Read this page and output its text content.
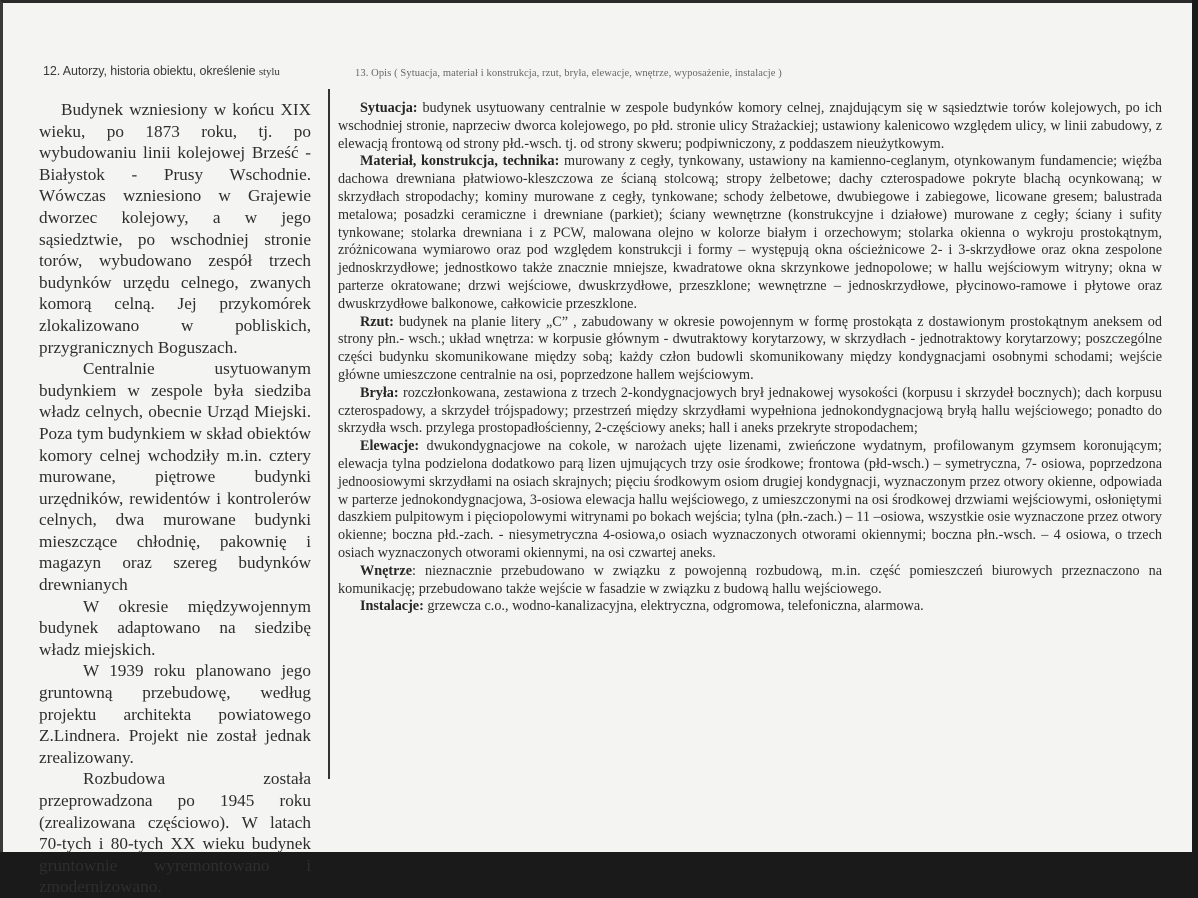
12. Autorzy, historia obiektu, określenie stylu	13. Opis ( Sytuacja, materiał i konstrukcja, rzut, bryła, elewacje, wnętrze, wyposażenie, instalacje )

Budynek wzniesiony w końcu XIX wieku, po 1873 roku, tj. po wybudowaniu linii kolejowej Brześć - Białystok - Prusy Wschodnie. Wówczas wzniesiono w Grajewie dworzec kolejowy, a w jego sąsiedztwie, po wschodniej stronie torów, wybudowano zespół trzech budynków urzędu celnego, zwanych komorą celną. Jej przykomórek zlokalizowano w pobliskich, przygranicznych Boguszach.

Centralnie usytuowanym budynkiem w zespole była siedziba władz celnych, obecnie Urząd Miejski. Poza tym budynkiem w skład obiektów komory celnej wchodziły m.in. cztery murowane, piętrowe budynki urzędników, rewidentów i kontrolerów celnych, dwa murowane budynki mieszczące chłodnię, pakownię i magazyn oraz szereg budynków drewnianych

W okresie międzywojennym budynek adaptowano na siedzibę władz miejskich.

W 1939 roku planowano jego gruntowną przebudowę, według projektu architekta powiatowego Z.Lindnera. Projekt nie został jednak zrealizowany.

Rozbudowa została przeprowadzona po 1945 roku (zrealizowana częściowo). W latach 70-tych i 80-tych XX wieku budynek gruntownie wyremontowano i zmodernizowano.

Sytuacja: budynek usytuowany centralnie w zespole budynków komory celnej, znajdującym się w sąsiedztwie torów kolejowych, po ich wschodniej stronie, naprzeciw dworca kolejowego, po płd. stronie ulicy Strażackiej; ustawiony kalenicowo względem ulicy, w linii zabudowy, z elewacją frontową od strony płd.-wsch. tj. od strony skweru; podpiwniczony, z poddaszem nieużytkowym.

Materiał, konstrukcja, technika: murowany z cegły, tynkowany, ustawiony na kamienno-ceglanym, otynkowanym fundamencie; więźba dachowa drewniana płatwiowo-kleszczowa ze ścianą stolcową; stropy żelbetowe; dachy czterospadowe pokryte blachą ocynkowaną; w skrzydłach stropodachy; kominy murowane z cegły, tynkowane; schody żelbetowe, dwubiegowe i zabiegowe, licowane gresem; balustrada metalowa; posadzki ceramiczne i drewniane (parkiet); ściany wewnętrzne (konstrukcyjne i działowe) murowane z cegły; ściany i sufity tynkowane; stolarka drewniana i z PCW, malowana olejno w kolorze białym i orzechowym; stolarka okienna o wykroju prostokątnym, zróżnicowana wymiarowo oraz pod względem konstrukcji i formy – występują okna ościeżnicowe 2- i 3-skrzydłowe oraz okna zespolone jednoskrzydłowe; jednostkowo także znacznie mniejsze, kwadratowe okna skrzynkowe jednopolowe; w hallu wejściowym witryny; okna w parterze okratowane; drzwi wejściowe, dwuskrzydłowe, przeszklone; wewnętrzne – jednoskrzydłowe, płycinowo-ramowe i płytowe oraz dwuskrzydłowe balkonowe, całkowicie przeszklone.

Rzut: budynek na planie litery „C” , zabudowany w okresie powojennym w formę prostokąta z dostawionym prostokątnym aneksem od strony płn.- wsch.; układ wnętrza: w korpusie głównym - dwutraktowy korytarzowy, w skrzydłach - jednotraktowy korytarzowy; poszczególne części budynku skomunikowane między sobą; każdy człon budowli skomunikowany między kondygnacjami osobnymi schodami; wejście główne umieszczone centralnie na osi, poprzedzone hallem wejściowym.

Bryła: rozczłonkowana, zestawiona z trzech 2-kondygnacjowych brył jednakowej wysokości (korpusu i skrzydeł bocznych); dach korpusu czterospadowy, a skrzydeł trójspadowy; przestrzeń między skrzydłami wypełniona jednokondygnacjową bryłą hallu wejściowego; ponadto do skrzydła wsch. przylega prostopadłościenny, 2-częściowy aneks; hall i aneks przekryte stropodachem;

Elewacje: dwukondygnacjowe na cokole, w narożach ujęte lizenami, zwieńczone wydatnym, profilowanym gzymsem koronującym; elewacja tylna podzielona dodatkowo parą lizen ujmujących trzy osie środkowe; frontowa (płd-wsch.) – symetryczna, 7- osiowa, poprzedzona jednoosiowymi skrzydłami na osiach skrajnych; pięciu środkowym osiom drugiej kondygnacji, wyznaczonym przez otwory okienne, odpowiada w parterze jednokondygnacjowa, 3-osiowa elewacja hallu wejściowego, z umieszczonymi na osi środkowej drzwiami wejściowymi, osłoniętymi daszkiem pulpitowym i pięciopolowymi witrynami po bokach wejścia; tylna (płn.-zach.) – 11 –osiowa, wszystkie osie wyznaczone przez otwory okienne; boczna płd.-zach. - niesymetryczna 4-osiowa,o osiach wyznaczonych otworami okiennymi; boczna płn.-wsch. – 4 osiowa, o trzech osiach wyznaczonych otworami okiennymi, na osi czwartej aneks.

Wnętrze: nieznacznie przebudowano w związku z powojenną rozbudową, m.in. część pomieszczeń biurowych przeznaczono na komunikację; przebudowano także wejście w fasadzie w związku z budową hallu wejściowego.

Instalacje: grzewcza c.o., wodno-kanalizacyjna, elektryczna, odgromowa, telefoniczna, alarmowa.
